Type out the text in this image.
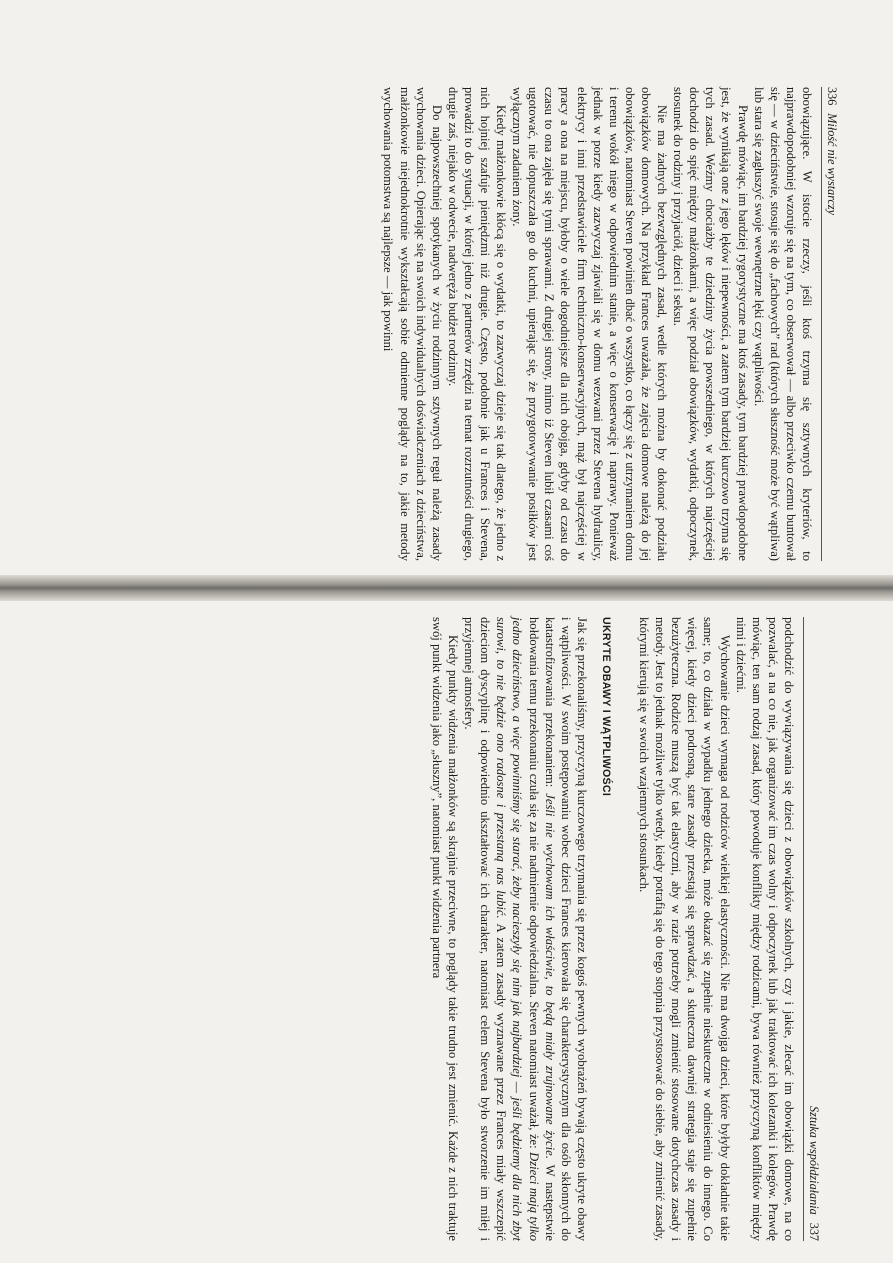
336
Miłość nie wystarczy

obowiązujące. W istocie rzeczy, jeśli ktoś trzyma się sztywnych kryteriów, to najprawdopodobniej wzoruje się na tym, co obserwował — albo przeciwko czemu buntował się — w dzieciństwie, stosuje się do „fachowych” rad (których słuszność może być wątpliwa) lub stara się zagłuszyć swoje wewnętrzne lęki czy wątpliwości.

Prawdę mówiąc, im bardziej rygorystyczne ma ktoś zasady, tym bardziej prawdopodobne jest, że wynikają one z jego lęków i niepewności, a zatem tym bardziej kurczowo trzyma się tych zasad. Weźmy chociażby te dziedziny życia powszedniego, w których najczęściej dochodzi do spięć między małżonkami, a więc podział obowiązków, wydatki, odpoczynek, stosunek do rodziny i przyjaciół, dzieci i seksu.

Nie ma żadnych bezwzględnych zasad, wedle których można by dokonać podziału obowiązków domowych. Na przykład Frances uważała, że zajęcia domowe należą do jej obowiązków, natomiast Steven powinien dbać o wszystko, co łączy się z utrzymaniem domu i terenu wokół niego w odpowiednim stanie, a więc o konserwację i naprawy. Ponieważ jednak w porze kiedy zazwyczaj zjawiali się w domu wezwani przez Stevena hydraulicy, elektrycy i inni przedstawiciele firm techniczno-konserwacyjnych, mąż był najczęściej w pracy a ona na miejscu, byłoby o wiele dogodniejsze dla nich obojga, gdyby od czasu do czasu to ona zajęła się tymi sprawami. Z drugiej strony, mimo iż Steven lubił czasami coś ugotować, nie dopuszczała go do kuchni, upierając się, że przygotowywanie posiłków jest wyłącznym zadaniem żony.

Kiedy małżonkowie kłócą się o wydatki, to zazwyczaj dzieje się tak dlatego, że jedno z nich hojniej szafuje pieniędzmi niż drugie. Często, podobnie jak u Frances i Stevena, prowadzi to do sytuacji, w której jedno z partnerów zrzędzi na temat rozrzutności drugiego, drugie zaś, niejako w odwecie, nadweręża budżet rodzinny.

Do najpowszechniej spotykanych w życiu rodzinnym sztywnych reguł należą zasady wychowania dzieci. Opierając się na swoich indywidualnych doświadczeniach z dzieciństwa, małżonkowie niejednokrotnie wykształcają sobie odmienne poglądy na to, jakie metody wychowania potomstwa są najlepsze — jak powinni

Sztuka współdziałania
337

podchodzić do wywiązywania się dzieci z obowiązków szkolnych, czy i jakie, zlecać im obowiązki domowe, na co pozwalać, a na co nie, jak organizować im czas wolny i odpoczynek lub jak traktować ich kolezanki i kolegów. Prawdę mówiąc, ten sam rodzaj zasad, który powoduje konflikty między rodzicami, bywa również przyczyną konfliktów między nimi i dziećmi.

Wychowanie dzieci wymaga od rodziców wielkiej elastyczności. Nie ma dwojga dzieci, które byłyby dokładnie takie same; to, co działa w wypadku jednego dziecka, może okazać się zupełnie nieskuteczne w odniesieniu do innego. Co więcej, kiedy dzieci podrosną, stare zasady przestają się sprawdzać, a skuteczna dawniej strategia staje się zupełnie bezużyteczna. Rodzice muszą być tak elastyczni, aby w razie potrzeby mogli zmienić stosowane dotychczas zasady i metody. Jest to jednak możliwe tylko wtedy, kiedy potrafią się do tego stopnia przystosować do siebie, aby zmienić zasady, którymi kierują się w swoich wzajemnych stosunkach.

UKRYTE OBAWY I WĄTPLIWOŚCI

Jak się przekonaliśmy, przyczyną kurczowego trzymania się przez kogoś pewnych wyobrażeń bywają często ukryte obawy i wątpliwości. W swoim postępowaniu wobec dzieci Frances kierowała się charakterystycznym dla osób skłonnych do katastrofizowania przekonaniem: Jeśli nie wychowam ich właściwie, to będą miały zrujnowane życie. W następstwie hołdowania temu przekonaniu czuła się za nie nadmiernie odpowiedzialna. Steven natomiast uważał, że: Dzieci mają tylko jedno dzieciństwo, a więc powinniśmy się starać, żeby nacieszyły się nim jak najbardziej — jeśli będziemy dla nich zbyt surowi, to nie będzie ono radosne i przestaną nas lubić. A zatem zasady wyznawane przez Frances miały wszczepić dzieciom dyscyplinę i odpowiednio ukształtować ich charakter, natomiast celem Stevena było stworzenie im miłej i przyjemnej atmosfery.

Kiedy punkty widzenia małżonków są skrajnie przeciwne, to poglądy takie trudno jest zmienić. Każde z nich traktuje swój punkt widzenia jako „słuszny”, natomiast punkt widzenia partnera
